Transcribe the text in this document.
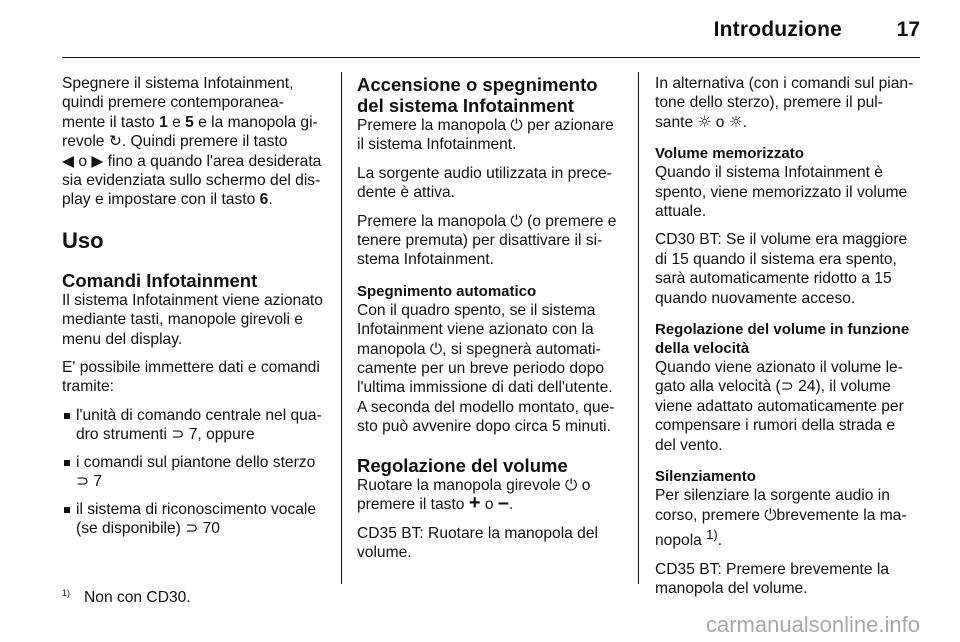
Introduzione	17

Spegnere il sistema Infotainment, quindi premere contemporanea-mente il tasto 1 e 5 e la manopola gi-revole ↻. Quindi premere il tasto
◀ o ▶ fino a quando l'area desiderata sia evidenziata sullo schermo del dis-play e impostare con il tasto 6.

Uso
Comandi Infotainment

Il sistema Infotainment viene azionato mediante tasti, manopole girevoli e menu del display.

E' possibile immettere dati e comandi tramite:

l'unità di comando centrale nel qua-dro strumenti ⊃ 7, oppure
i comandi sul piantone dello sterzo ⊃ 7
il sistema di riconoscimento vocale (se disponibile) ⊃ 70
Accensione o spegnimento del sistema Infotainment

Premere la manopola ⏻ per azionare il sistema Infotainment.

La sorgente audio utilizzata in prece-dente è attiva.

Premere la manopola ⏻ (o premere e tenere premuta) per disattivare il si-stema Infotainment.

Spegnimento automatico

Con il quadro spento, se il sistema Infotainment viene azionato con la manopola ⏻, si spegnerà automati-camente per un breve periodo dopo l'ultima immissione di dati dell'utente. A seconda del modello montato, que-sto può avvenire dopo circa 5 minuti.

Regolazione del volume

Ruotare la manopola girevole ⏻ o premere il tasto + o –.

CD35 BT: Ruotare la manopola del volume.

In alternativa (con i comandi sul pian-tone dello sterzo), premere il pul-sante ☼ o ☼.

Volume memorizzato

Quando il sistema Infotainment è spento, viene memorizzato il volume attuale.

CD30 BT: Se il volume era maggiore di 15 quando il sistema era spento, sarà automaticamente ridotto a 15 quando nuovamente acceso.

Regolazione del volume in funzione della velocità

Quando viene azionato il volume le-gato alla velocità (⊃ 24), il volume viene adattato automaticamente per compensare i rumori della strada e del vento.

Silenziamento

Per silenziare la sorgente audio in corso, premere ⏻brevemente la ma-nopola $^{1)}$.

CD35 BT: Premere brevemente la manopola del volume.

$^{1)}$ Non con CD30.
carmanualsonline.info
